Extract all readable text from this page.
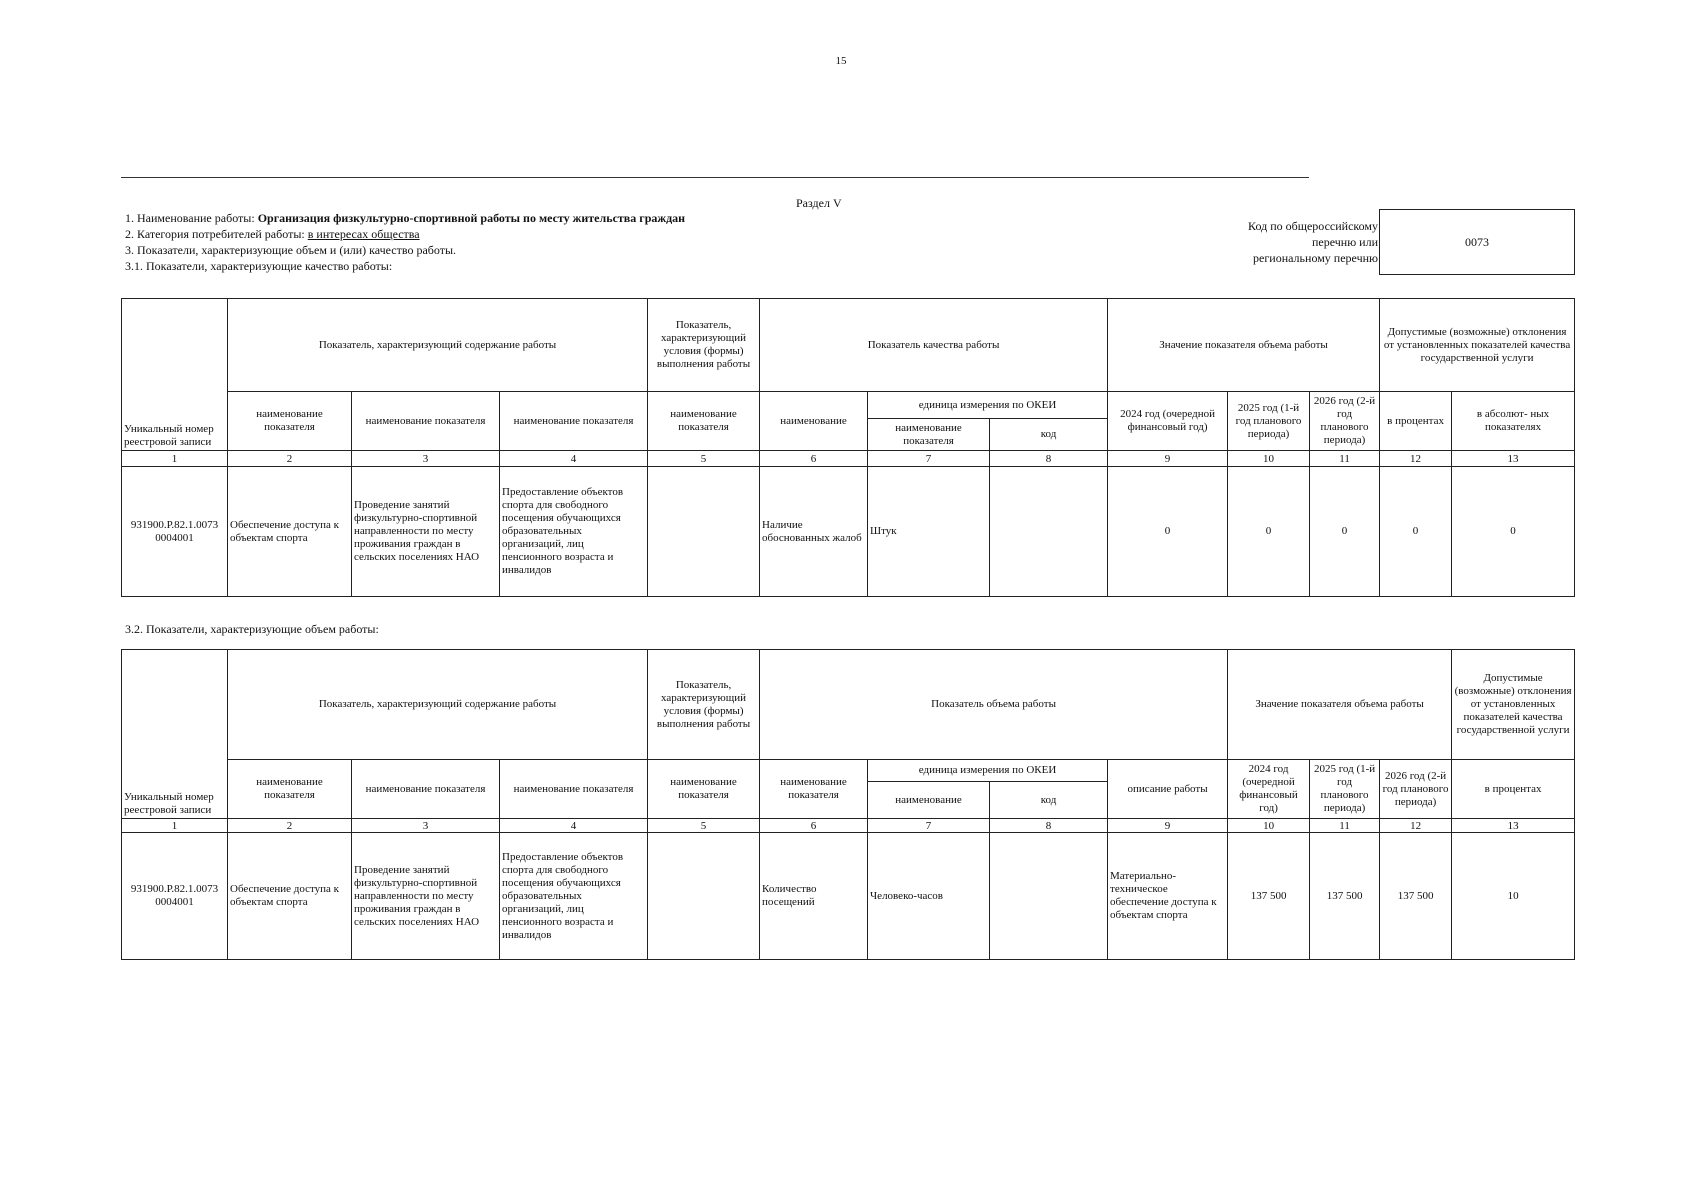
15
Раздел V
1. Наименование работы: Организация физкультурно-спортивной работы по месту жительства граждан
2. Категория потребителей работы: в интересах общества
3. Показатели, характеризующие объем и (или) качество работы.
3.1. Показатели, характеризующие качество работы:
Код по общероссийскому
перечню или
региональному перечню
0073
Уникальный номер реестровой записи	Показатель, характеризующий содержание работы			Показатель, характеризующий условия (формы) выполнения работы	Показатель качества работы			Значение показателя объема работы			Допустимые (возможные) отклонения от установленных показателей качества государственной услуги	
	наименование показателя	наименование показателя	наименование показателя	наименование показателя	наименование	единица измерения по ОКЕИ		2024 год (очередной финансовый год)	2025 год (1-й год планового периода)	2026 год (2-й год планового периода)	в процентах	в абсолют- ных показателях
						наименование показателя	код					
1	2	3	4	5	6	7	8	9	10	11	12	13
931900.Р.82.1.0073 0004001	Обеспечение доступа к объектам спорта	Проведение занятий физкультурно-спортивной направленности по месту проживания граждан в сельских поселениях НАО	Предоставление объектов спорта для свободного посещения обучающихся образовательных организаций, лиц пенсионного возраста и инвалидов		Наличие обоснованных жалоб	Штук		0	0	0	0	0
3.2. Показатели, характеризующие объем работы:
Уникальный номер реестровой записи	Показатель, характеризующий содержание работы			Показатель, характеризующий условия (формы) выполнения работы	Показатель объема работы				Значение показателя объема работы			Допустимые (возможные) отклонения от установленных показателей качества государственной услуги
	наименование показателя	наименование показателя	наименование показателя	наименование показателя	наименование показателя	единица измерения по ОКЕИ		описание работы	2024 год (очередной финансовый год)	2025 год (1-й год планового периода)	2026 год (2-й год планового периода)	в процентах
						наименование	код					
1	2	3	4	5	6	7	8	9	10	11	12	13
931900.Р.82.1.0073 0004001	Обеспечение доступа к объектам спорта	Проведение занятий физкультурно-спортивной направленности по месту проживания граждан в сельских поселениях НАО	Предоставление объектов спорта для свободного посещения обучающихся образовательных организаций, лиц пенсионного возраста и инвалидов		Количество посещений	Человеко-часов		Материально-техническое обеспечение доступа к объектам спорта	137 500	137 500	137 500	10
